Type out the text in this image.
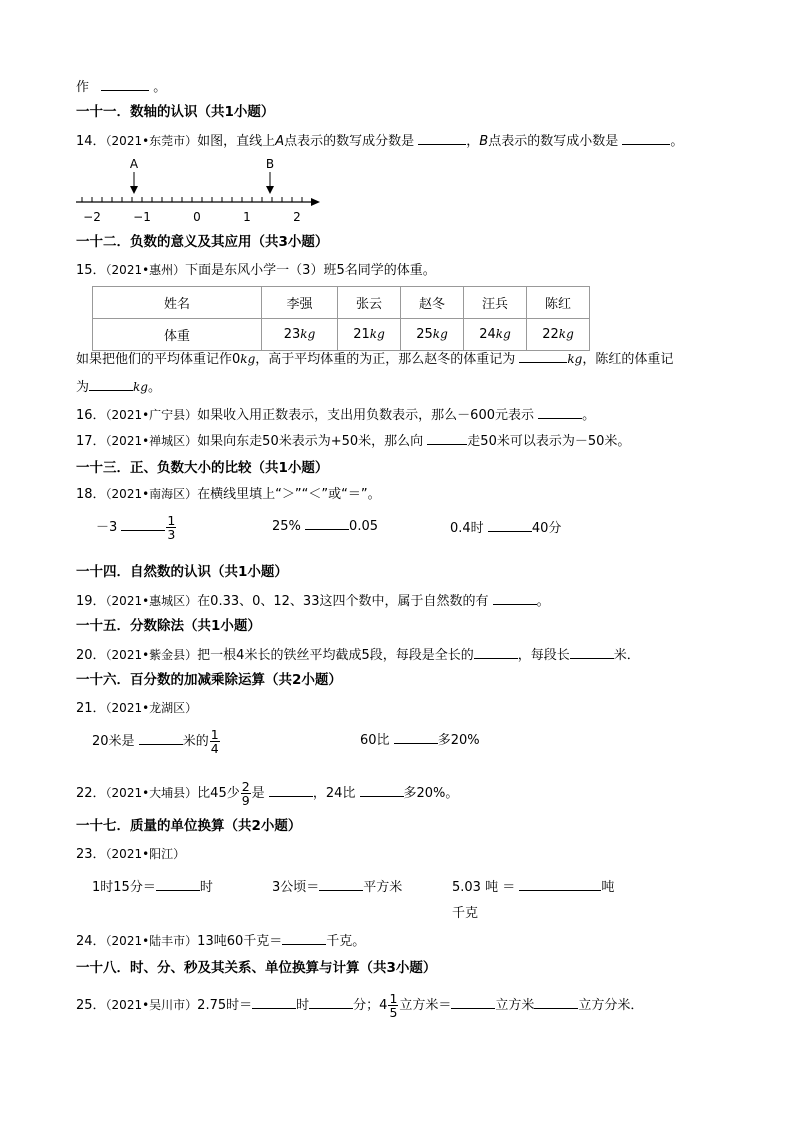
作	。
一十一．数轴的认识（共1小题）
14．（2021•东莞市）如图，直线上A点表示的数写成分数是	，B点表示的数写成小数是	。
A	B
−2	−1	0	1	2
一十二．负数的意义及其应用（共3小题）
15．（2021•惠州）下面是东风小学一（3）班5名同学的体重。
姓名	李强	张云	赵冬	汪兵	陈红
体重	23kg	21kg	25kg	24kg	22kg
如果把他们的平均体重记作0kg，高于平均体重的为正，那么赵冬的体重记为	kg，陈红的体重记
为	kg。
16．（2021•广宁县）如果收入用正数表示，支出用负数表示，那么－600元表示	。
17．（2021•禅城区）如果向东走50米表示为+50米，那么向	走50米可以表示为－50米。
一十三．正、负数大小的比较（共1小题）
18．（2021•南海区）在横线里填上“＞”“＜”或“＝”。
－3	$\frac{1}{3}$	25%	0.05	0.4时	40分
一十四．自然数的认识（共1小题）
19．（2021•惠城区）在0.33、0、12、33这四个数中，属于自然数的有	。
一十五．分数除法（共1小题）
20．（2021•紫金县）把一根4米长的铁丝平均截成5段，每段是全长的	，每段长	米．
一十六．百分数的加减乘除运算（共2小题）
21．（2021•龙湖区）
20米是	米的 $\frac{1}{4}$	60比	多20%
22．（2021•大埔县）比45少 $\frac{2}{9}$ 是	，24比	多20%。
一十七．质量的单位换算（共2小题）
23．（2021•阳江）
1时15分＝	时	3公顷＝	平方米	5.03 吨 ＝	吨
千克
24．（2021•陆丰市）13吨60千克＝	千克。
一十八．时、分、秒及其关系、单位换算与计算（共3小题）
25．（2021•吴川市）2.75时＝	时	分； $4 \frac{1}{5}$ 立方米＝	立方米	立方分米．
